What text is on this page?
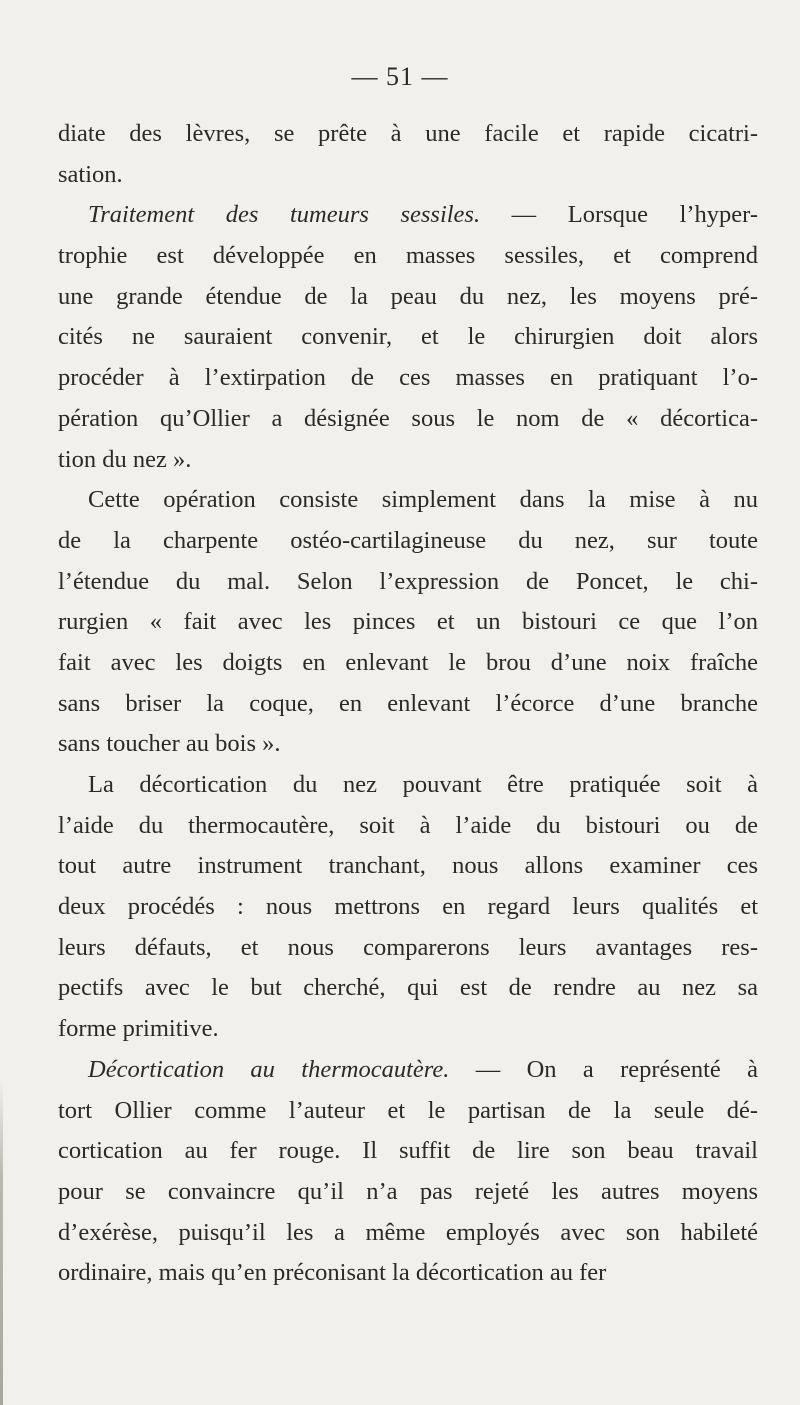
— 51 —
diate des lèvres, se prête à une facile et rapide cicatri-
sation.
Traitement des tumeurs sessiles. — Lorsque l’hyper-
trophie est développée en masses sessiles, et comprend
une grande étendue de la peau du nez, les moyens pré-
cités ne sauraient convenir, et le chirurgien doit alors
procéder à l’extirpation de ces masses en pratiquant l’o-
pération qu’Ollier a désignée sous le nom de « décortica-
tion du nez ».
Cette opération consiste simplement dans la mise à nu
de la charpente ostéo-cartilagineuse du nez, sur toute
l’étendue du mal. Selon l’expression de Poncet, le chi-
rurgien « fait avec les pinces et un bistouri ce que l’on
fait avec les doigts en enlevant le brou d’une noix fraîche
sans briser la coque, en enlevant l’écorce d’une branche
sans toucher au bois ».
La décortication du nez pouvant être pratiquée soit à
l’aide du thermocautère, soit à l’aide du bistouri ou de
tout autre instrument tranchant, nous allons examiner ces
deux procédés : nous mettrons en regard leurs qualités et
leurs défauts, et nous comparerons leurs avantages res-
pectifs avec le but cherché, qui est de rendre au nez sa
forme primitive.
Décortication au thermocautère. — On a représenté à
tort Ollier comme l’auteur et le partisan de la seule dé-
cortication au fer rouge. Il suffit de lire son beau travail
pour se convaincre qu’il n’a pas rejeté les autres moyens
d’exérèse, puisqu’il les a même employés avec son habileté
ordinaire, mais qu’en préconisant la décortication au fer
